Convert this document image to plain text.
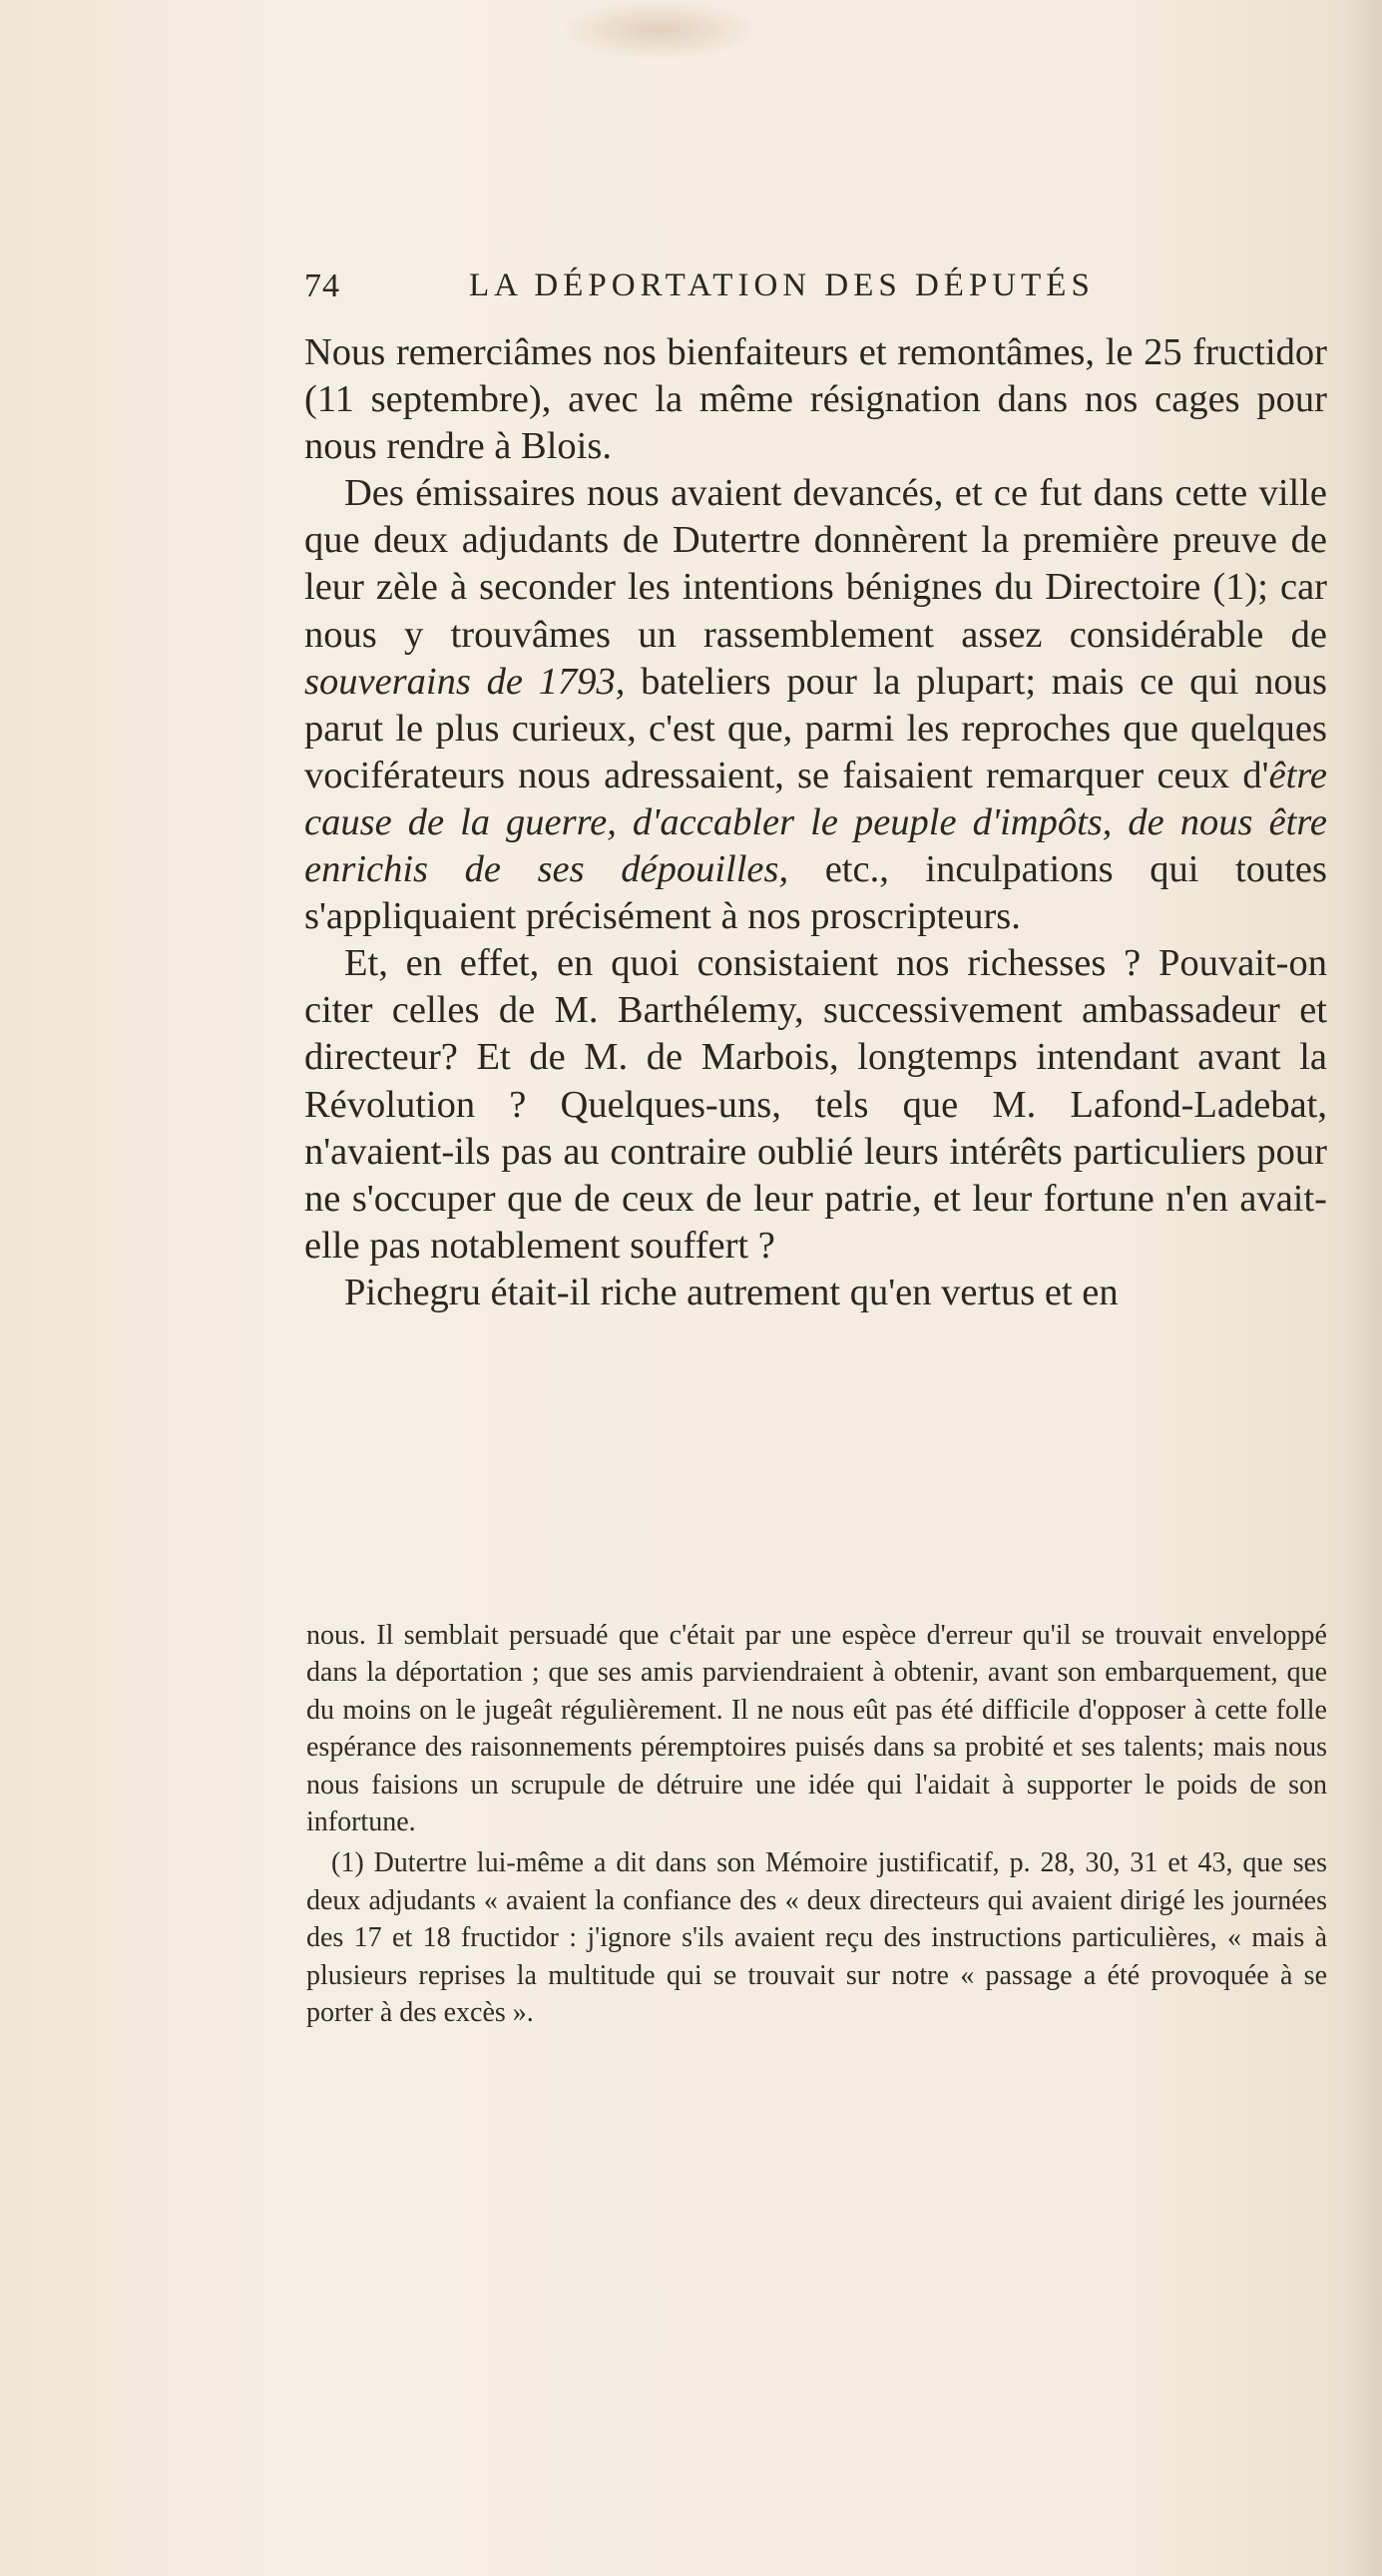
74	LA DÉPORTATION DES DÉPUTÉS

Nous remerciâmes nos bienfaiteurs et remontâmes, le 25 fructidor (11 septembre), avec la même résignation dans nos cages pour nous rendre à Blois.

Des émissaires nous avaient devancés, et ce fut dans cette ville que deux adjudants de Dutertre donnèrent la première preuve de leur zèle à seconder les intentions bénignes du Directoire (1); car nous y trouvâmes un rassemblement assez considérable de souverains de 1793, bateliers pour la plupart; mais ce qui nous parut le plus curieux, c'est que, parmi les reproches que quelques vociférateurs nous adressaient, se faisaient remarquer ceux d'être cause de la guerre, d'accabler le peuple d'impôts, de nous être enrichis de ses dépouilles, etc., inculpations qui toutes s'appliquaient précisément à nos proscripteurs.

Et, en effet, en quoi consistaient nos richesses ? Pouvait-on citer celles de M. Barthélemy, successivement ambassadeur et directeur? Et de M. de Marbois, longtemps intendant avant la Révolution ? Quelques-uns, tels que M. Lafond-Ladebat, n'avaient-ils pas au contraire oublié leurs intérêts particuliers pour ne s'occuper que de ceux de leur patrie, et leur fortune n'en avait-elle pas notablement souffert ?

Pichegru était-il riche autrement qu'en vertus et en

nous. Il semblait persuadé que c'était par une espèce d'erreur qu'il se trouvait enveloppé dans la déportation ; que ses amis parviendraient à obtenir, avant son embarquement, que du moins on le jugeât régulièrement. Il ne nous eût pas été difficile d'opposer à cette folle espérance des raisonnements péremptoires puisés dans sa probité et ses talents; mais nous nous faisions un scrupule de détruire une idée qui l'aidait à supporter le poids de son infortune.

(1) Dutertre lui-même a dit dans son Mémoire justificatif, p. 28, 30, 31 et 43, que ses deux adjudants « avaient la confiance des « deux directeurs qui avaient dirigé les journées des 17 et 18 fructidor : j'ignore s'ils avaient reçu des instructions particulières, « mais à plusieurs reprises la multitude qui se trouvait sur notre « passage a été provoquée à se porter à des excès ».
